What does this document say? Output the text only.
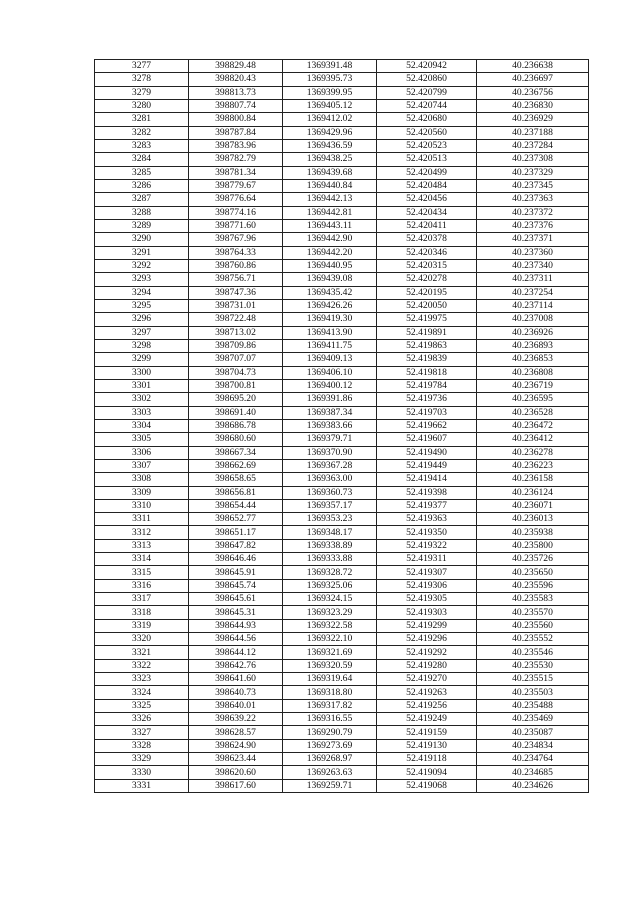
3277	398829.48	1369391.48	52.420942	40.236638
3278	398820.43	1369395.73	52.420860	40.236697
3279	398813.73	1369399.95	52.420799	40.236756
3280	398807.74	1369405.12	52.420744	40.236830
3281	398800.84	1369412.02	52.420680	40.236929
3282	398787.84	1369429.96	52.420560	40.237188
3283	398783.96	1369436.59	52.420523	40.237284
3284	398782.79	1369438.25	52.420513	40.237308
3285	398781.34	1369439.68	52.420499	40.237329
3286	398779.67	1369440.84	52.420484	40.237345
3287	398776.64	1369442.13	52.420456	40.237363
3288	398774.16	1369442.81	52.420434	40.237372
3289	398771.60	1369443.11	52.420411	40.237376
3290	398767.96	1369442.90	52.420378	40.237371
3291	398764.33	1369442.20	52.420346	40.237360
3292	398760.86	1369440.95	52.420315	40.237340
3293	398756.71	1369439.08	52.420278	40.237311
3294	398747.36	1369435.42	52.420195	40.237254
3295	398731.01	1369426.26	52.420050	40.237114
3296	398722.48	1369419.30	52.419975	40.237008
3297	398713.02	1369413.90	52.419891	40.236926
3298	398709.86	1369411.75	52.419863	40.236893
3299	398707.07	1369409.13	52.419839	40.236853
3300	398704.73	1369406.10	52.419818	40.236808
3301	398700.81	1369400.12	52.419784	40.236719
3302	398695.20	1369391.86	52.419736	40.236595
3303	398691.40	1369387.34	52.419703	40.236528
3304	398686.78	1369383.66	52.419662	40.236472
3305	398680.60	1369379.71	52.419607	40.236412
3306	398667.34	1369370.90	52.419490	40.236278
3307	398662.69	1369367.28	52.419449	40.236223
3308	398658.65	1369363.00	52.419414	40.236158
3309	398656.81	1369360.73	52.419398	40.236124
3310	398654.44	1369357.17	52.419377	40.236071
3311	398652.77	1369353.23	52.419363	40.236013
3312	398651.17	1369348.17	52.419350	40.235938
3313	398647.82	1369338.89	52.419322	40.235800
3314	398646.46	1369333.88	52.419311	40.235726
3315	398645.91	1369328.72	52.419307	40.235650
3316	398645.74	1369325.06	52.419306	40.235596
3317	398645.61	1369324.15	52.419305	40.235583
3318	398645.31	1369323.29	52.419303	40.235570
3319	398644.93	1369322.58	52.419299	40.235560
3320	398644.56	1369322.10	52.419296	40.235552
3321	398644.12	1369321.69	52.419292	40.235546
3322	398642.76	1369320.59	52.419280	40.235530
3323	398641.60	1369319.64	52.419270	40.235515
3324	398640.73	1369318.80	52.419263	40.235503
3325	398640.01	1369317.82	52.419256	40.235488
3326	398639.22	1369316.55	52.419249	40.235469
3327	398628.57	1369290.79	52.419159	40.235087
3328	398624.90	1369273.69	52.419130	40.234834
3329	398623.44	1369268.97	52.419118	40.234764
3330	398620.60	1369263.63	52.419094	40.234685
3331	398617.60	1369259.71	52.419068	40.234626
